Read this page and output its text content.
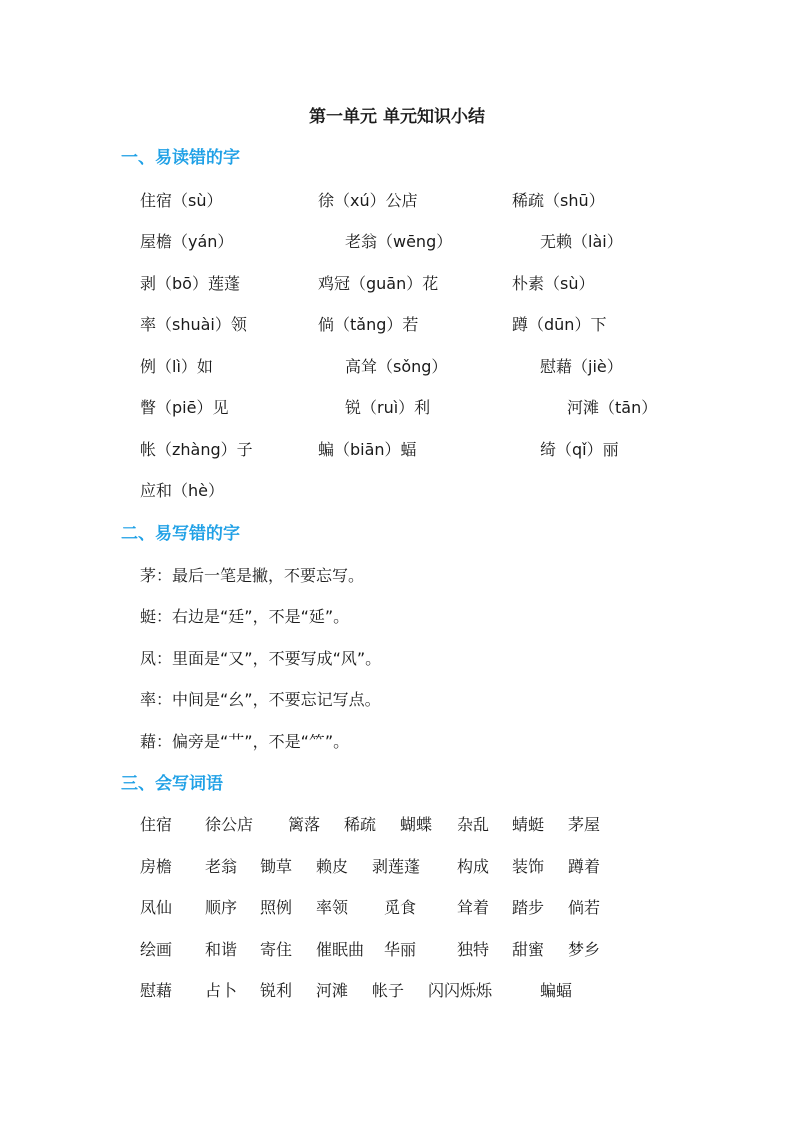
第一单元 单元知识小结
一、易读错的字
住宿（sù）	徐（xú）公店	稀疏（shū）
屋檐（yán）	老翁（wēng）	无赖（lài）
剥（bō）莲蓬	鸡冠（guān）花	朴素（sù）
率（shuài）领	倘（tǎng）若	蹲（dūn）下
例（lì）如	高耸（sǒng）	慰藉（jiè）
瞥（piē）见	锐（ruì）利	河滩（tān）
帐（zhàng）子	蝙（biān）蝠	绮（qǐ）丽
应和（hè）
二、易写错的字
茅：最后一笔是撇，不要忘写。
蜓：右边是“廷”，不是“延”。
凤：里面是“又”，不要写成“风”。
率：中间是“幺”，不要忘记写点。
藉：偏旁是“艹”，不是“⺮”。
三、会写词语
住宿 徐公店 篱落 稀疏 蝴蝶 杂乱 蜻蜓 茅屋
房檐 老翁 锄草 赖皮 剥莲蓬 构成 装饰 蹲着
凤仙 顺序 照例 率领 觅食	耸着 踏步 倘若
绘画 和谐 寄住 催眠曲 华丽	独特 甜蜜 梦乡
慰藉 占卜 锐利 河滩 帐子 闪闪烁烁	蝙蝠
